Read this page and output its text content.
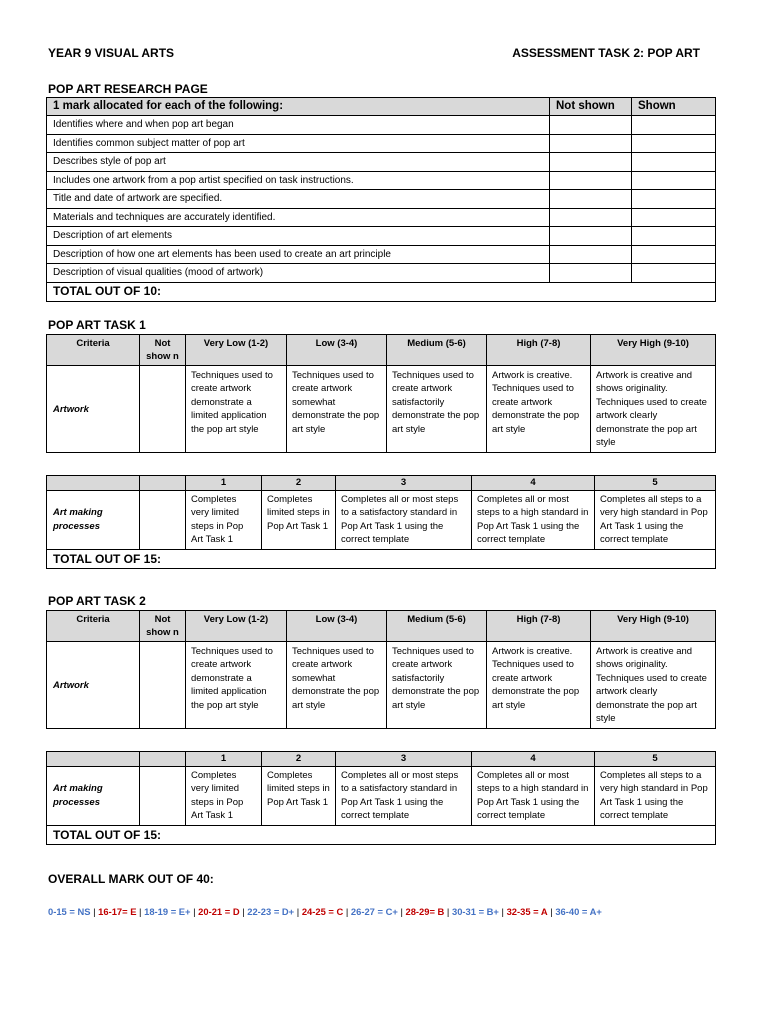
YEAR 9 VISUAL ARTS	ASSESSMENT TASK 2: POP ART
POP ART RESEARCH PAGE
1 mark allocated for each of the following:	Not shown	Shown
Identifies where and when pop art began		
Identifies common subject matter of pop art		
Describes style of pop art		
Includes one artwork from a pop artist specified on task instructions.		
Title and date of artwork are specified.		
Materials and techniques are accurately identified.		
Description of art elements		
Description of how one art elements has been used to create an art principle		
Description of visual qualities (mood of artwork)		
TOTAL OUT OF 10:		
POP ART TASK 1
Criteria	Not show n	Very Low (1-2)	Low (3-4)	Medium (5-6)	High (7-8)	Very High (9-10)
Artwork		Techniques used to create artwork demonstrate a limited application the pop art style	Techniques used to create artwork somewhat demonstrate the pop art style	Techniques used to create artwork satisfactorily demonstrate the pop art style	Artwork is creative. Techniques used to create artwork demonstrate the pop art style	Artwork is creative and shows originality. Techniques used to create artwork clearly demonstrate the pop art style
		1	2	3	4	5
Art making processes		Completes very limited steps in Pop Art Task 1	Completes limited steps in Pop Art Task 1	Completes all or most steps to a satisfactory standard in Pop Art Task 1 using the correct template	Completes all or most steps to a high standard in Pop Art Task 1 using the correct template	Completes all steps to a very high standard in Pop Art Task 1 using the correct template
TOTAL OUT OF 15:						
POP ART TASK 2
Criteria	Not show n	Very Low (1-2)	Low (3-4)	Medium (5-6)	High (7-8)	Very High (9-10)
Artwork		Techniques used to create artwork demonstrate a limited application the pop art style	Techniques used to create artwork somewhat demonstrate the pop art style	Techniques used to create artwork satisfactorily demonstrate the pop art style	Artwork is creative. Techniques used to create artwork demonstrate the pop art style	Artwork is creative and shows originality. Techniques used to create artwork clearly demonstrate the pop art style
		1	2	3	4	5
Art making processes		Completes very limited steps in Pop Art Task 1	Completes limited steps in Pop Art Task 1	Completes all or most steps to a satisfactory standard in Pop Art Task 1 using the correct template	Completes all or most steps to a high standard in Pop Art Task 1 using the correct template	Completes all steps to a very high standard in Pop Art Task 1 using the correct template
TOTAL OUT OF 15:						
OVERALL MARK OUT OF 40:
0-15 = NS | 16-17= E | 18-19 = E+ | 20-21 = D | 22-23 = D+ | 24-25 = C | 26-27 = C+ | 28-29= B | 30-31 = B+ | 32-35 = A | 36-40 = A+
